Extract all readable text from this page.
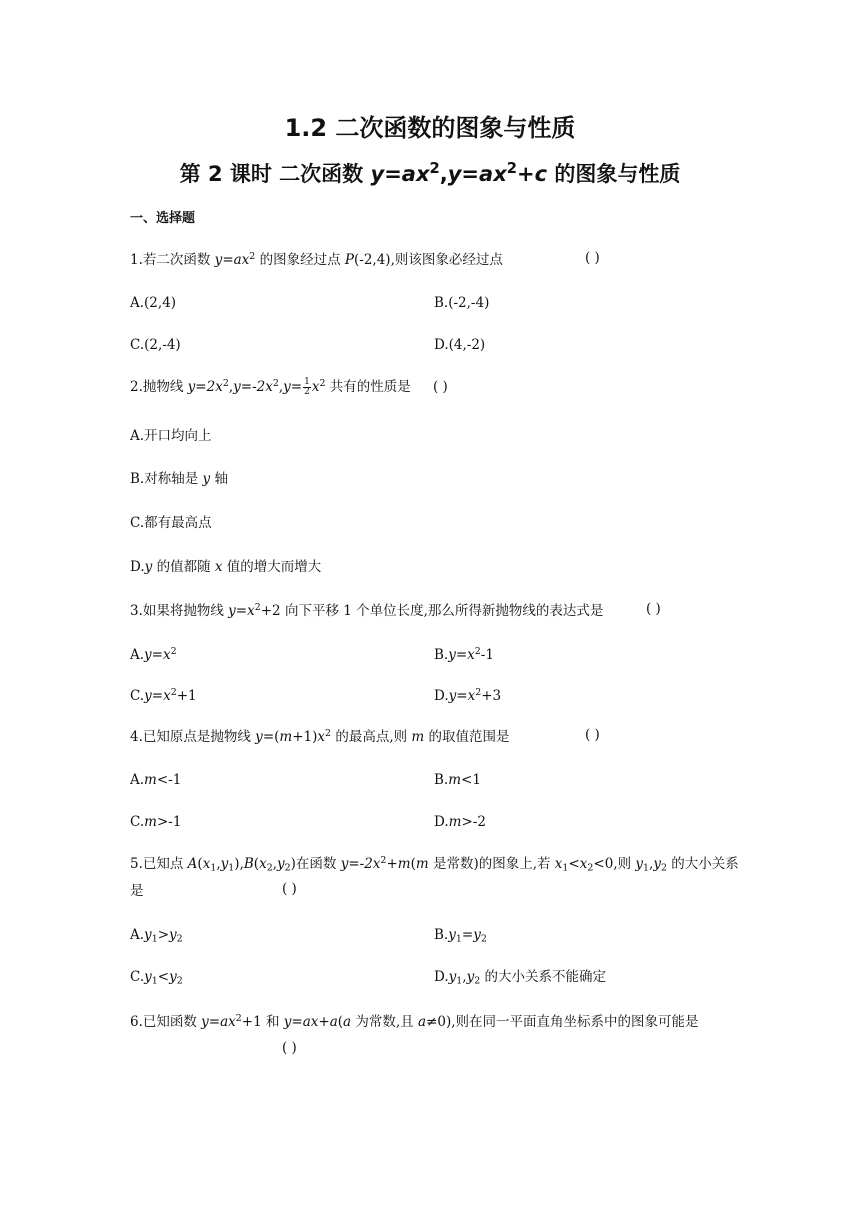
1.2 二次函数的图象与性质
第 2 课时 二次函数 $y=ax^2,y=ax^2+c$ 的图象与性质
一、选择题
1.若二次函数 $y=ax^2$ 的图象经过点 P(-2,4),则该图象必经过点	( )
A.(2,4)	B.(-2,-4)
C.(2,-4)	D.(4,-2)
2.抛物线 $y=2x^2,y=-2x^2,y= \frac{1}{2} x^2$ 共有的性质是 ( )
A.开口均向上
B.对称轴是 y 轴
C.都有最高点
D.y 的值都随 x 值的增大而增大
3.如果将抛物线 $y=x^2+2$ 向下平移 1 个单位长度,那么所得新抛物线的表达式是	( )
$A.y=x^2$	$B.y=x^2-1$
$C.y=x^2+1$	$D.y=x^2+3$
4.已知原点是抛物线 $y=(m+1)x^2$ 的最高点,则 m 的取值范围是	( )
A.m<-1	B.m<1
C.m>-1	D.m>-2
5.已知点 $A(x_1,y_1),B(x_2,y_2)$在函数 $y=-2x^2+m(m$ 是常数)的图象上,若 $x_1<x_2<0$,则 $y_1,y_2$ 的大小关系
是	( )
$A.y_1>y_2$	$B.y_1=y_2$
$C.y_1<y_2$	$D.y_1,y_2$ 的大小关系不能确定
6.已知函数 $y=ax^2+1$ 和 y=ax+a(a 为常数,且 a≠0),则在同一平面直角坐标系中的图象可能是
( )
